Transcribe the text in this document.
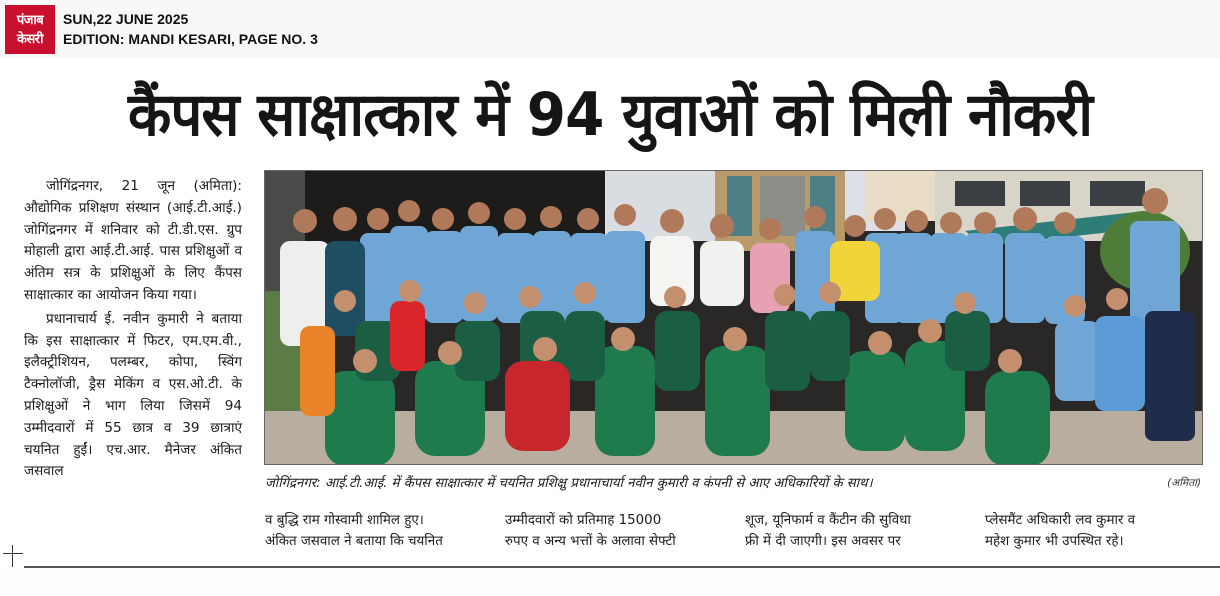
पंजाब
केसरी
SUN,22 JUNE 2025
EDITION: MANDI KESARI, PAGE NO. 3
कैंपस साक्षात्कार में 94 युवाओं को मिली नौकरी

जोगिंद्रनगर, 21 जून (अमिता): औद्योगिक प्रशिक्षण संस्थान (आई.टी.आई.) जोगिंद्रनगर में शनिवार को टी.डी.एस. ग्रुप मोहाली द्वारा आई.टी.आई. पास प्रशिक्षुओं व अंतिम सत्र के प्रशिक्षुओं के लिए कैंपस साक्षात्कार का आयोजन किया गया।

प्रधानाचार्य ई. नवीन कुमारी ने बताया कि इस साक्षात्कार में फिटर, एम.एम.वी., इलैक्ट्रीशियन, पलम्बर, कोपा, स्विंग टैक्नोलॉजी, ड्रैस मेकिंग व एस.ओ.टी. के प्रशिक्षुओं ने भाग लिया जिसमें 94 उम्मीदवारों में 55 छात्र व 39 छात्राएं चयनित हुईं। एच.आर. मैनेजर अंकित जसवाल

जोगिंद्रनगर: आई.टी.आई. में कैंपस साक्षात्कार में चयनित प्रशिक्षु प्रधानाचार्या नवीन कुमारी व कंपनी से आए अधिकारियों के साथ।	(अमिता)
व बुद्धि राम गोस्वामी शामिल हुए।
अंकित जसवाल ने बताया कि चयनित
उम्मीदवारों को प्रतिमाह 15000
रुपए व अन्य भत्तों के अलावा सेफ्टी
शूज, यूनिफार्म व कैंटीन की सुविधा
फ्री में दी जाएगी। इस अवसर पर
प्लेसमैंट अधिकारी लव कुमार व
महेश कुमार भी उपस्थित रहे।
